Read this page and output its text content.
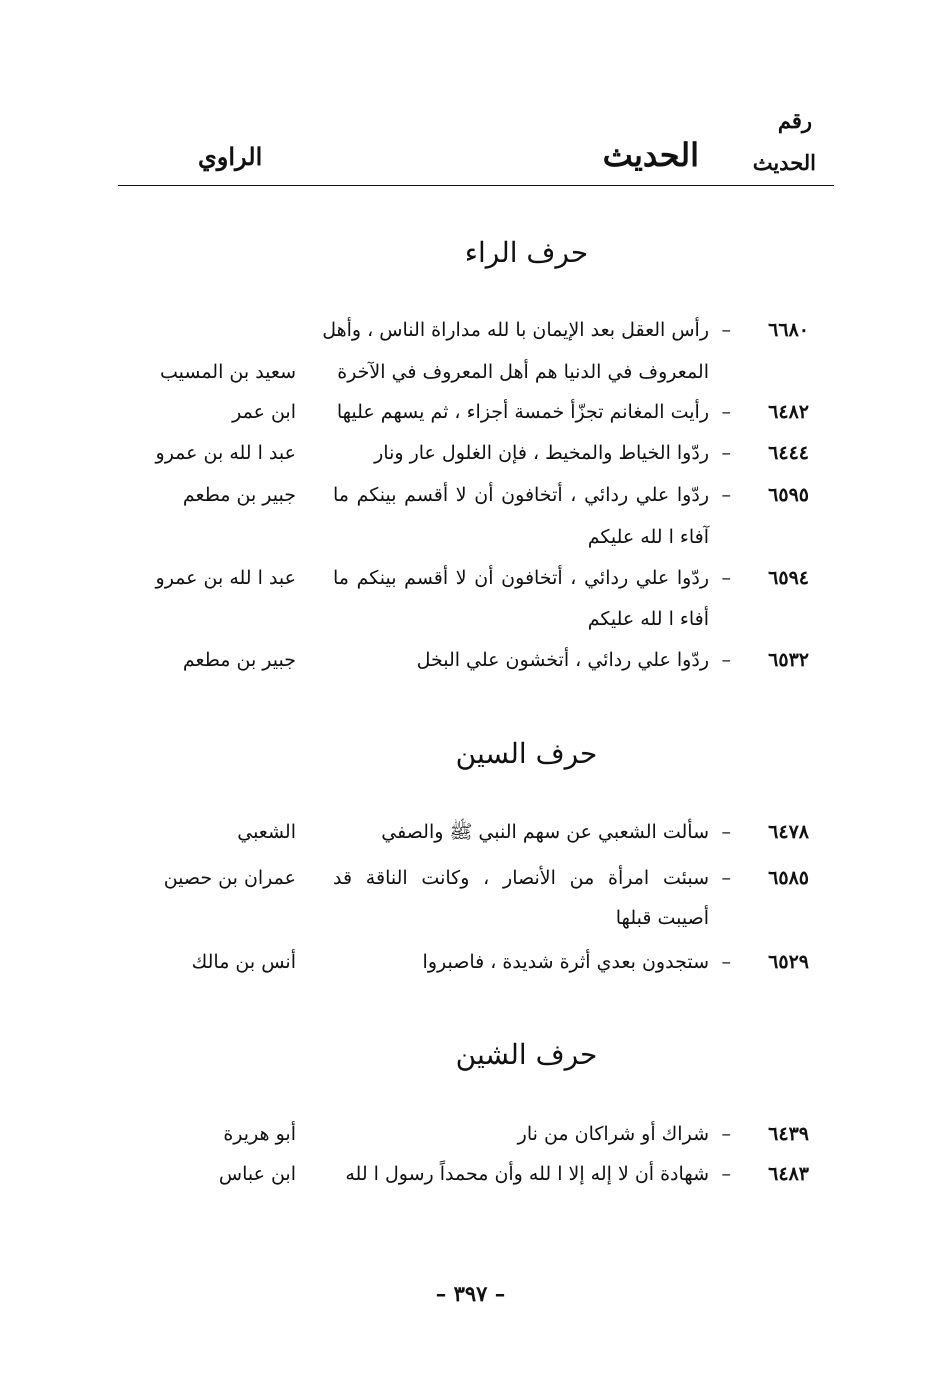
رقم
الحديث
الحديث
الراوي
حرف الراء
٦٦٨٠
–
رأس العقل بعد الإيمان با لله مداراة الناس ، وأهل
المعروف في الدنيا هم أهل المعروف في الآخرة
سعيد بن المسيب
٦٤٨٢
–
رأيت المغانم تجزّأ خمسة أجزاء ، ثم يسهم عليها
ابن عمر
٦٤٤٤
–
ردّوا الخياط والمخيط ، فإن الغلول عار ونار
عبد ا لله بن عمرو
٦٥٩٥
–
ردّوا علي ردائي ، أتخافون أن لا أقسم بينكم ما
جبير بن مطعم
آفاء ا لله عليكم
٦٥٩٤
–
ردّوا علي ردائي ، أتخافون أن لا أقسم بينكم ما
عبد ا لله بن عمرو
أفاء ا لله عليكم
٦٥٣٢
–
ردّوا علي ردائي ، أتخشون علي البخل
جبير بن مطعم
حرف السين
٦٤٧٨
–
سألت الشعبي عن سهم النبي ﷺ والصفي
الشعبي
٦٥٨٥
–
سبئت امرأة من الأنصار ، وكانت الناقة قد
عمران بن حصين
أصيبت قبلها
٦٥٢٩
–
ستجدون بعدي أثرة شديدة ، فاصبروا
أنس بن مالك
حرف الشين
٦٤٣٩
–
شراك أو شراكان من نار
أبو هريرة
٦٤٨٣
–
شهادة أن لا إله إلا ا لله وأن محمداً رسول ا لله
ابن عباس
– ٣٩٧ –
